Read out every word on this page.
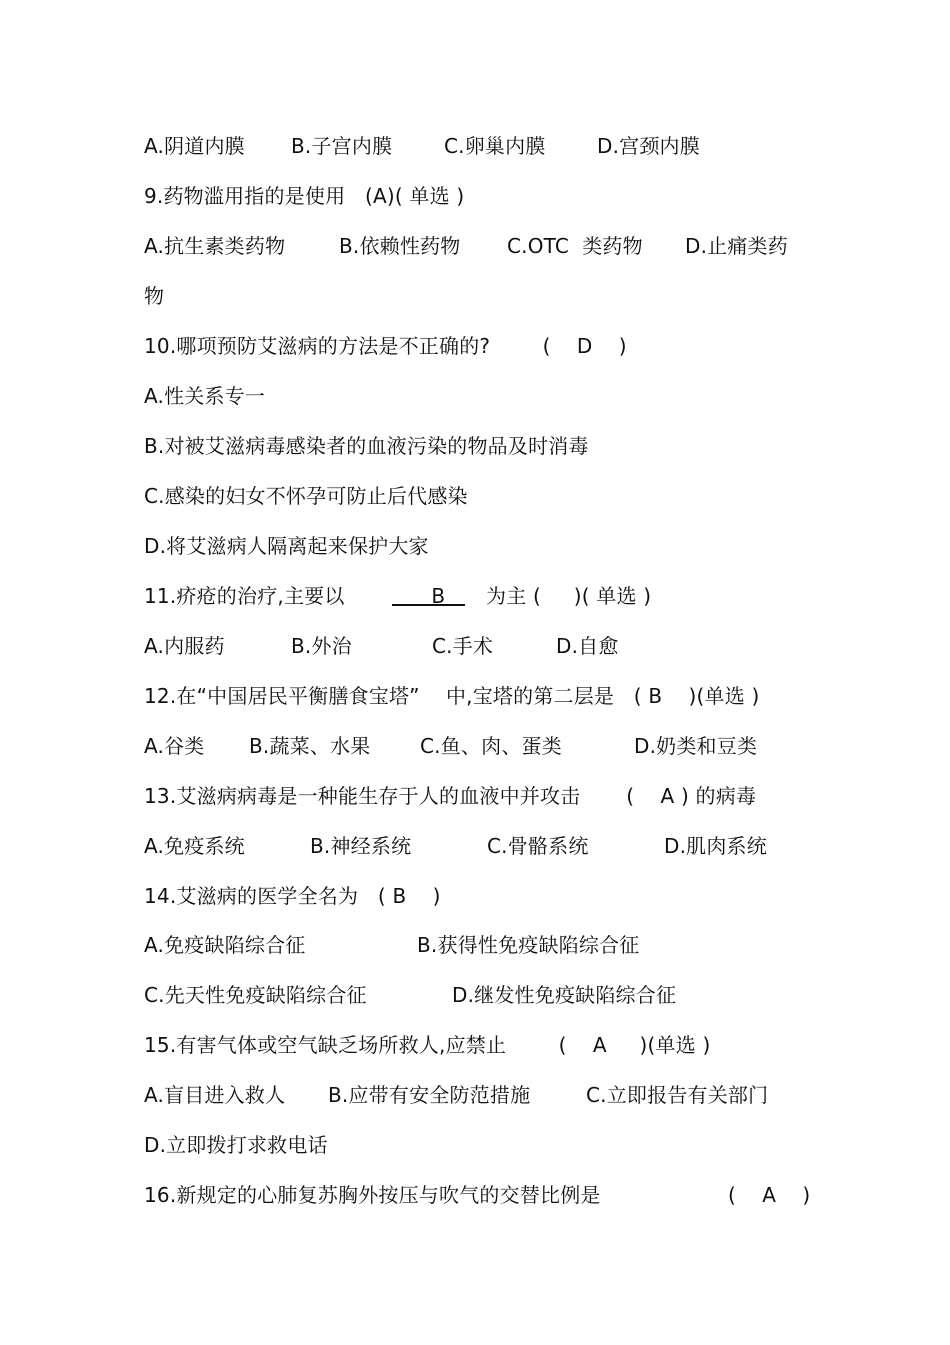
A.阴道内膜

B.子宫内膜

	C.卵巢内膜

	D.宫颈内膜

9.药物滥用指的是使用   (A)( 单选 )

A.抗生素类药物

	B.依赖性药物

C.OTC  类药物

D.止痛类药

物
10.哪项预防艾滋病的方法是不正确的?        (    D    )
A.性关系专一
B.对被艾滋病毒感染者的血液污染的物品及时消毒
C.感染的妇女不怀孕可防止后代感染
D.将艾滋病人隔离起来保护大家

11.疥疮的治疗,主要以

B

为主 (     )( 单选 )

A.内服药

	B.外治

	C.手术

	D.自愈

12.在“中国居民平衡膳食宝塔”    中,宝塔的第二层是   ( B    )(单选 )

A.谷类

B.蔬菜、水果

C.鱼、肉、蛋类

	D.奶类和豆类

13.艾滋病病毒是一种能生存于人的血液中并攻击       (    A ) 的病毒

A.免疫系统

	B.神经系统

	C.骨骼系统

	D.肌肉系统

14.艾滋病的医学全名为   ( B    )

A.免疫缺陷综合征

	B.获得性免疫缺陷综合征

C.先天性免疫缺陷综合征

	D.继发性免疫缺陷综合征

15.有害气体或空气缺乏场所救人,应禁止        (    A     )(单选 )

A.盲目进入救人

B.应带有安全防范措施

	C.立即报告有关部门

D.立即拨打求救电话

16.新规定的心肺复苏胸外按压与吹气的交替比例是

	(    A    )
